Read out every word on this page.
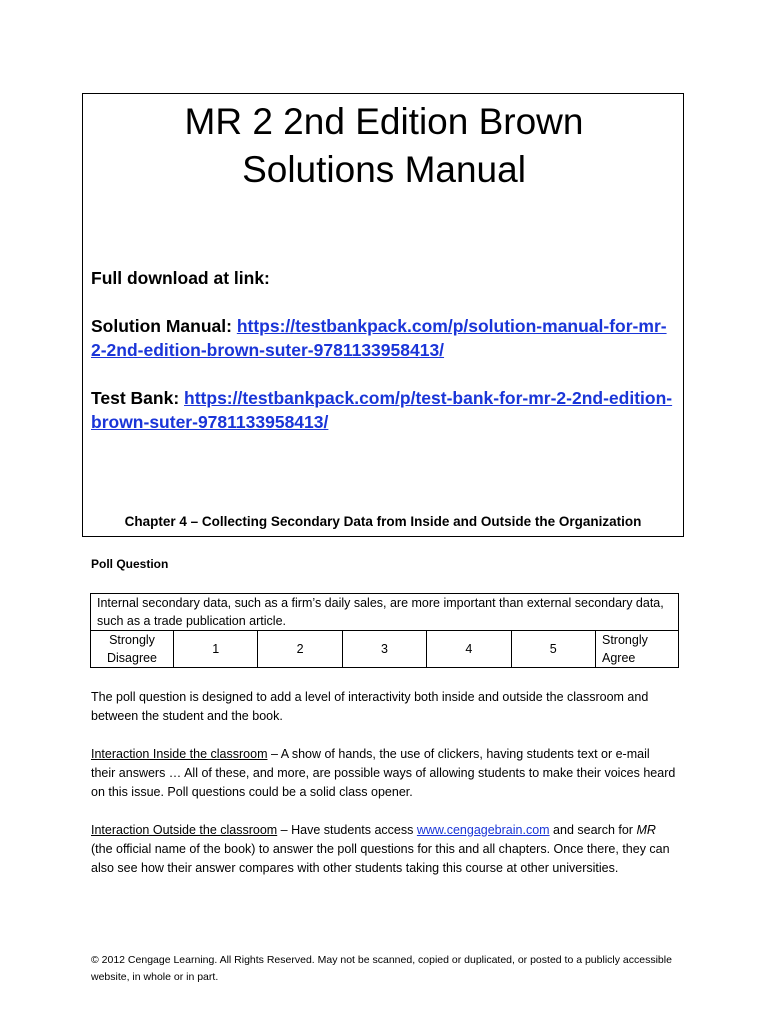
MR 2 2nd Edition Brown
Solutions Manual

Full download at link:

Solution Manual: https://testbankpack.com/p/solution-manual-for-mr-2-2nd-edition-brown-suter-9781133958413/

Test Bank: https://testbankpack.com/p/test-bank-for-mr-2-2nd-edition-brown-suter-9781133958413/

Chapter 4 – Collecting Secondary Data from Inside and Outside the Organization
Poll Question
Internal secondary data, such as a firm’s daily sales, are more important than external secondary data, such as a trade publication article.
Strongly Disagree	1	2	3	4	5	Strongly Agree

The poll question is designed to add a level of interactivity both inside and outside the classroom and between the student and the book.

Interaction Inside the classroom – A show of hands, the use of clickers, having students text or e-mail their answers … All of these, and more, are possible ways of allowing students to make their voices heard on this issue. Poll questions could be a solid class opener.

Interaction Outside the classroom – Have students access www.cengagebrain.com and search for MR (the official name of the book) to answer the poll questions for this and all chapters. Once there, they can also see how their answer compares with other students taking this course at other universities.

© 2012 Cengage Learning. All Rights Reserved. May not be scanned, copied or duplicated, or posted to a publicly accessible website, in whole or in part.
